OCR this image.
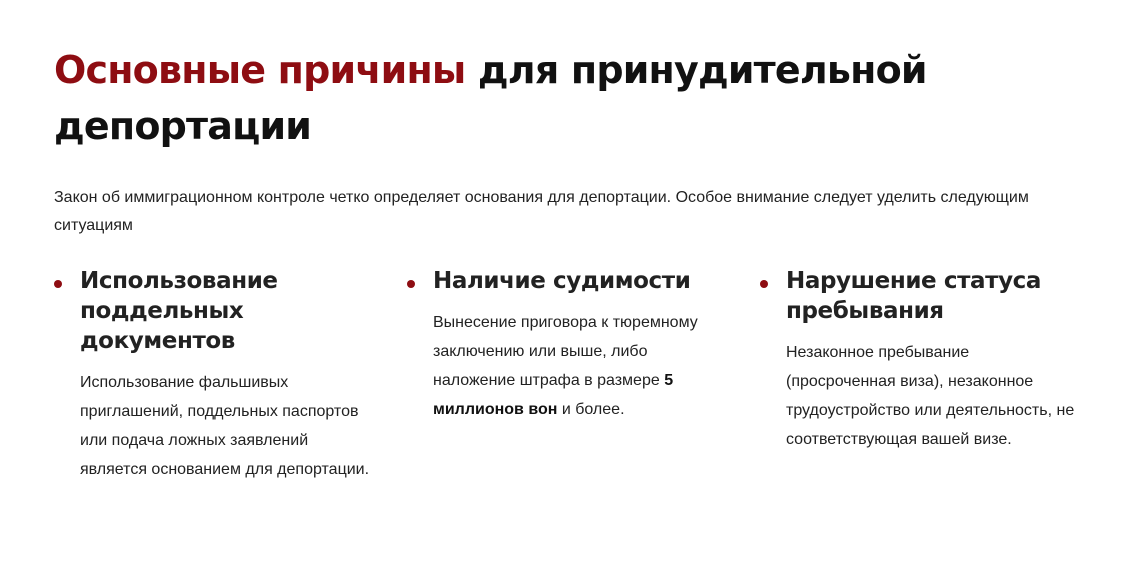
Основные причины для принудительной депортации

Закон об иммиграционном контроле четко определяет основания для депортации. Особое внимание следует уделить следующим ситуациям

Использование поддельных документов

Использование фальшивых приглашений, поддельных паспортов или подача ложных заявлений является основанием для депортации.

Наличие судимости

Вынесение приговора к тюремному заключению или выше, либо наложение штрафа в размере 5 миллионов вон и более.

Нарушение статуса пребывания

Незаконное пребывание (просроченная виза), незаконное трудоустройство или деятельность, не соответствующая вашей визе.
